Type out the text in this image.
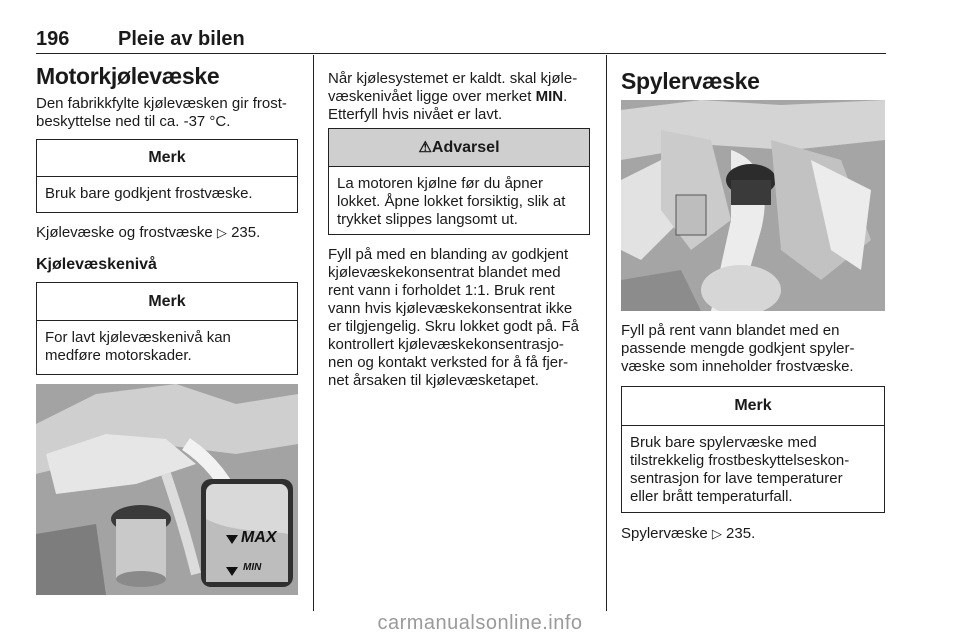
196 Pleie av bilen
Motorkjølevæske
Den fabrikkfylte kjølevæsken gir frost-
beskyttelse ned til ca. -37 °C.
Merk
Bruk bare godkjent frostvæske.
Kjølevæske og frostvæske ▷ 235.
Kjølevæskenivå
Merk
For lavt kjølevæskenivå kan
medføre motorskader.
MAX
MIN
Når kjølesystemet er kaldt. skal kjøle-
væskenivået ligge over merket MIN.
Etterfyll hvis nivået er lavt.
⚠Advarsel
La motoren kjølne før du åpner
lokket. Åpne lokket forsiktig, slik at
trykket slippes langsomt ut.
Fyll på med en blanding av godkjent
kjølevæskekonsentrat blandet med
rent vann i forholdet 1:1. Bruk rent
vann hvis kjølevæskekonsentrat ikke
er tilgjengelig. Skru lokket godt på. Få
kontrollert kjølevæskekonsentrasjo-
nen og kontakt verksted for å få fjer-
net årsaken til kjølevæsketapet.
Spylervæske
Fyll på rent vann blandet med en
passende mengde godkjent spyler-
væske som inneholder frostvæske.
Merk
Bruk bare spylervæske med
tilstrekkelig frostbeskyttelseskon-
sentrasjon for lave temperaturer
eller brått temperaturfall.
Spylervæske ▷ 235.
carmanualsonline.info
